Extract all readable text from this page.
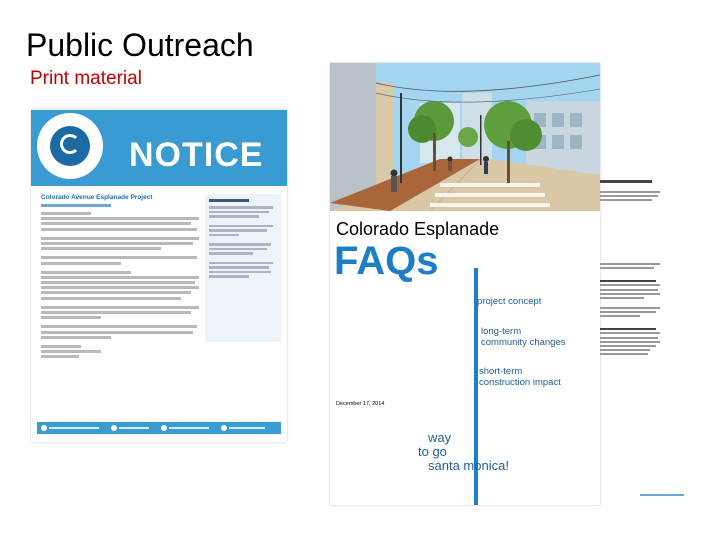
Public Outreach
Print material
NOTICE
Colorado Avenue Esplanade Project
Colorado Esplanade
FAQs
project concept
long-term
community changes
short-term
construction impact
December 17, 2014
way
to go
santa monica!
